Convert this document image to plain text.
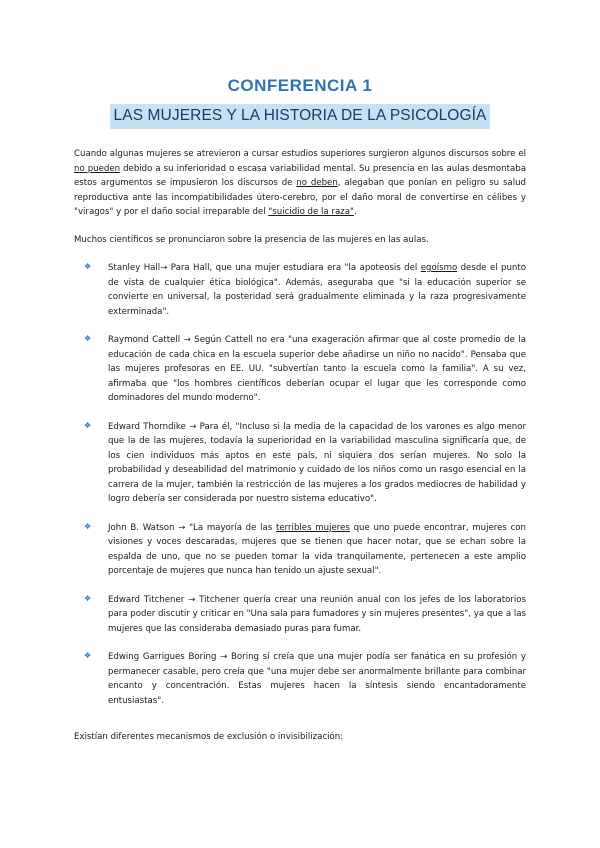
CONFERENCIA 1
LAS MUJERES Y LA HISTORIA DE LA PSICOLOGÍA

Cuando algunas mujeres se atrevieron a cursar estudios superiores surgieron algunos discursos sobre el no pueden debido a su inferioridad o escasa variabilidad mental. Su presencia en las aulas desmontaba estos argumentos se impusieron los discursos de no deben, alegaban que ponían en peligro su salud reproductiva ante las incompatibilidades útero-cerebro, por el daño moral de convertirse en célibes y "viragos" y por el daño social irreparable del "suicidio de la raza".

Muchos científicos se pronunciaron sobre la presencia de las mujeres en las aulas.

❖ Stanley Hall→ Para Hall, que una mujer estudiara era "la apoteosis del egoísmo desde el punto de vista de cualquier ética biológica". Además, aseguraba que "si la educación superior se convierte en universal, la posteridad será gradualmente eliminada y la raza progresivamente exterminada".

❖ Raymond Cattell → Según Cattell no era "una exageración afirmar que al coste promedio de la educación de cada chica en la escuela superior debe añadirse un niño no nacido". Pensaba que las mujeres profesoras en EE. UU. "subvertían tanto la escuela como la familia". A su vez, afirmaba que "los hombres científicos deberían ocupar el lugar que les corresponde como dominadores del mundo moderno".

❖ Edward Thorndike → Para él, "Incluso si la media de la capacidad de los varones es algo menor que la de las mujeres, todavía la superioridad en la variabilidad masculina significaría que, de los cien individuos más aptos en este país, ni siquiera dos serían mujeres. No solo la probabilidad y deseabilidad del matrimonio y cuidado de los niños como un rasgo esencial en la carrera de la mujer, también la restricción de las mujeres a los grados mediocres de habilidad y logro debería ser considerada por nuestro sistema educativo".

❖ John B. Watson → "La mayoría de las terribles mujeres que uno puede encontrar, mujeres con visiones y voces descaradas, mujeres que se tienen que hacer notar, que se echan sobre la espalda de uno, que no se pueden tomar la vida tranquilamente, pertenecen a este amplio porcentaje de mujeres que nunca han tenido un ajuste sexual".

❖ Edward Titchener → Titchener quería crear una reunión anual con los jefes de los laboratorios para poder discutir y criticar en "Una sala para fumadores y sin mujeres presentes", ya que a las mujeres que las consideraba demasiado puras para fumar.

❖ Edwing Garrigues Boring → Boring sí creía que una mujer podía ser fanática en su profesión y permanecer casable, pero creía que "una mujer debe ser anormalmente brillante para combinar encanto y concentración. Estas mujeres hacen la síntesis siendo encantadoramente entusiastas".

Existían diferentes mecanismos de exclusión o invisibilización:
